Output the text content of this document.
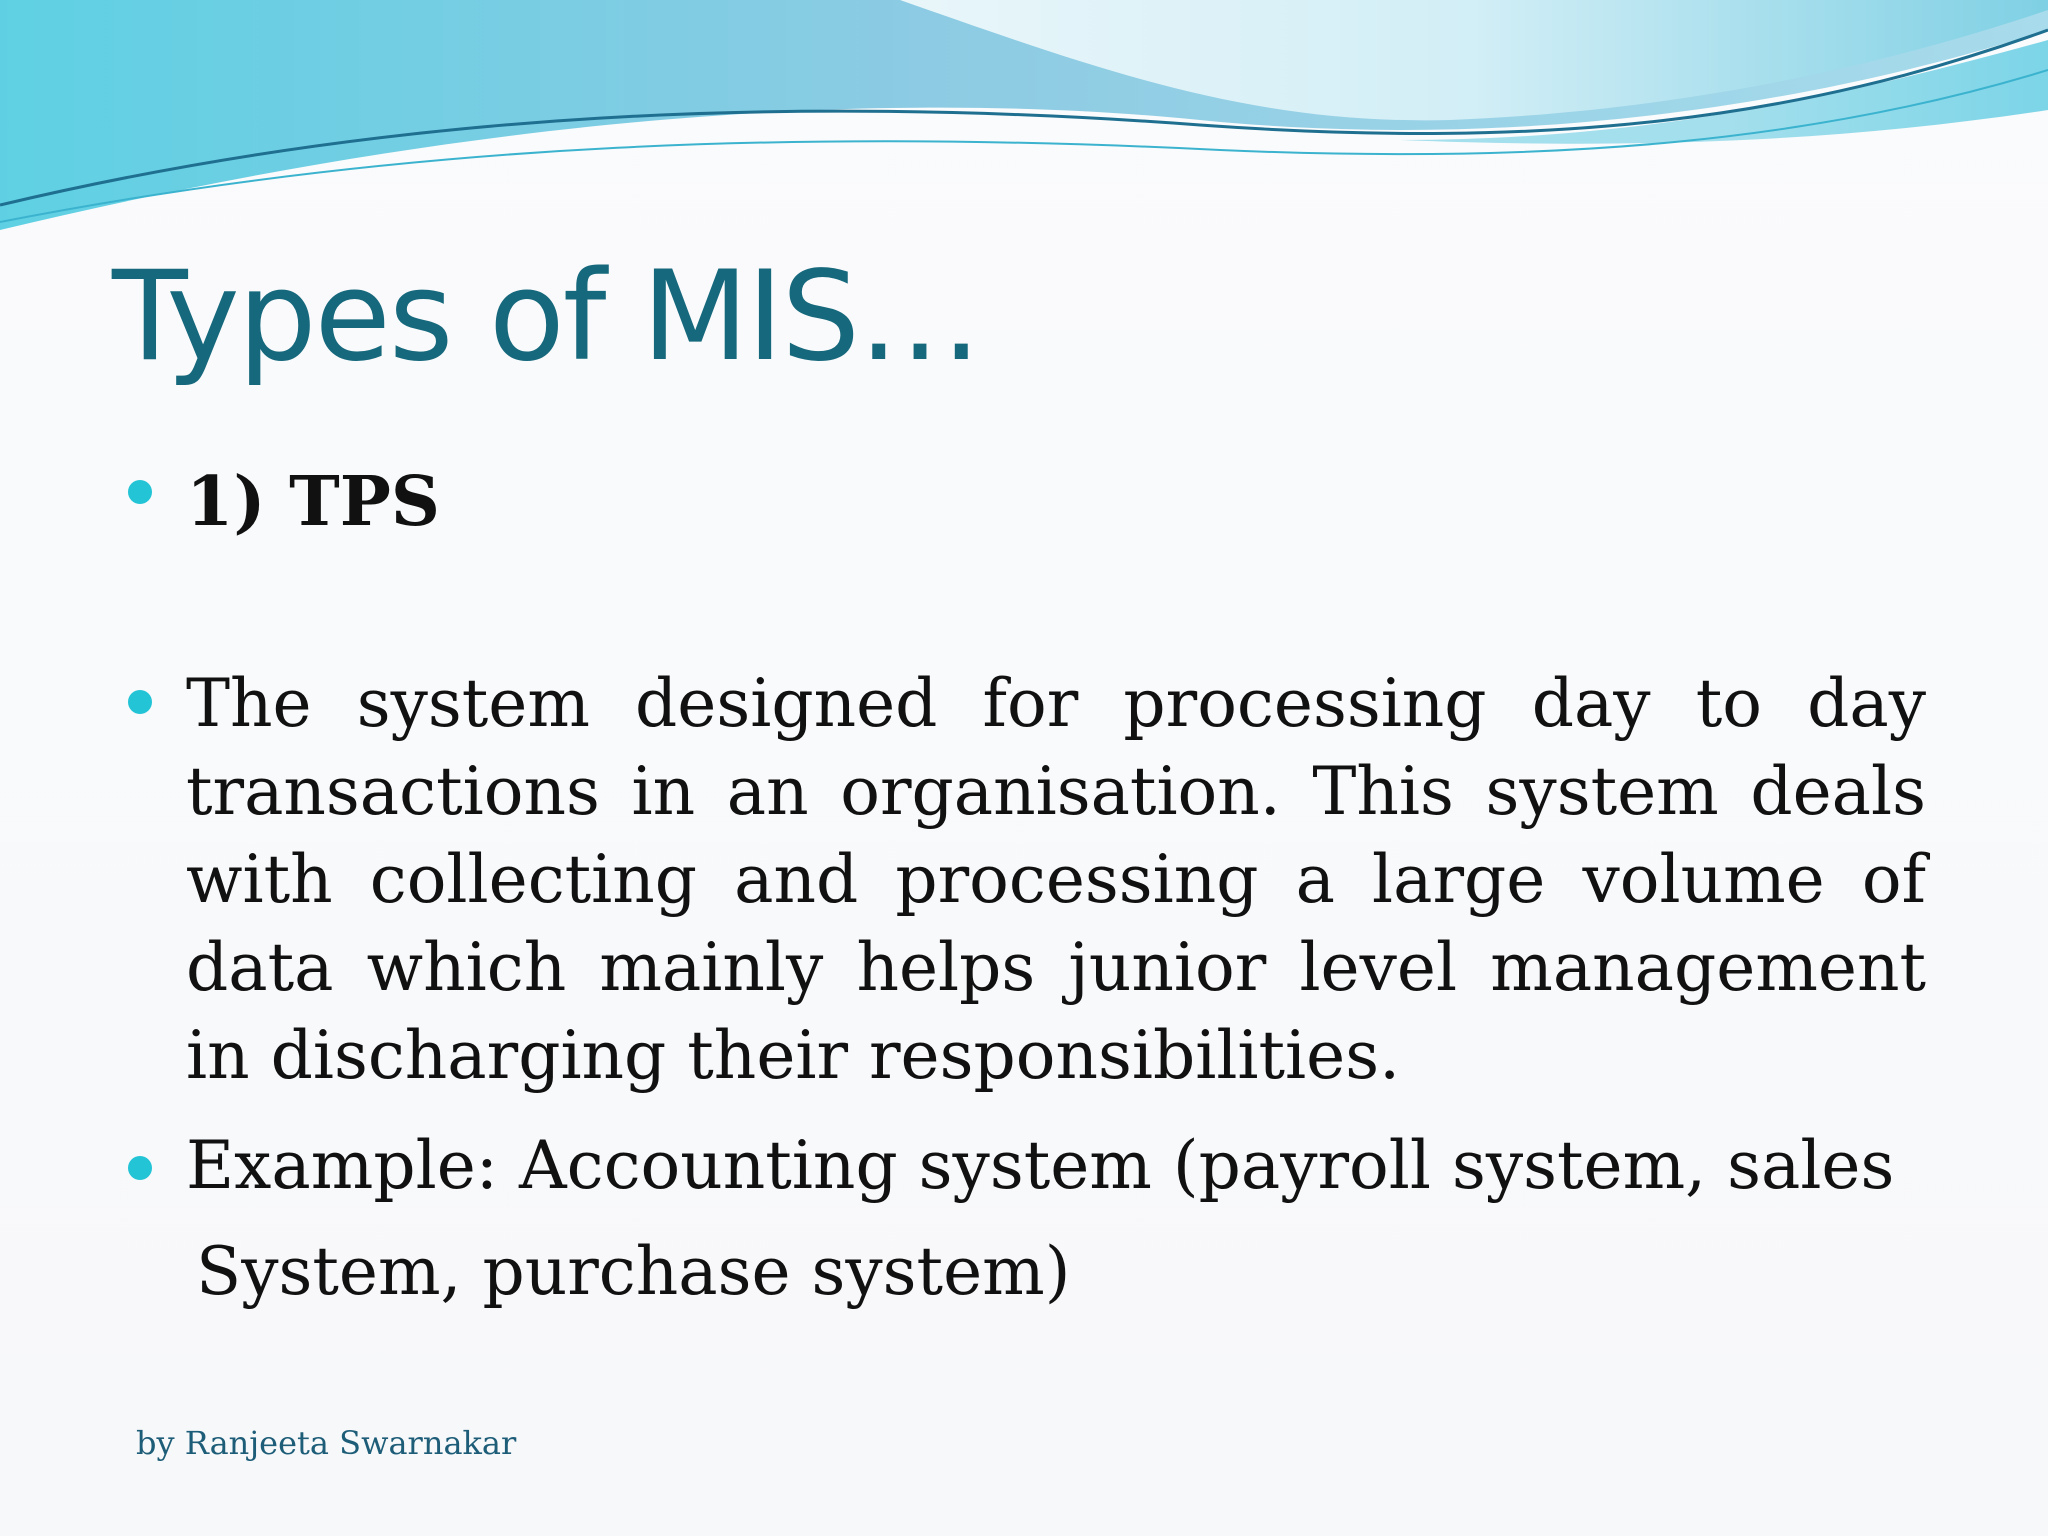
Types of MIS…
1) TPS
The system designed for processing day to day transactions in an organisation. This system deals with collecting and processing a large volume of data which mainly helps junior level management in discharging their responsibilities.
Example: Accounting system (payroll system, sales
System, purchase system)
by Ranjeeta Swarnakar
